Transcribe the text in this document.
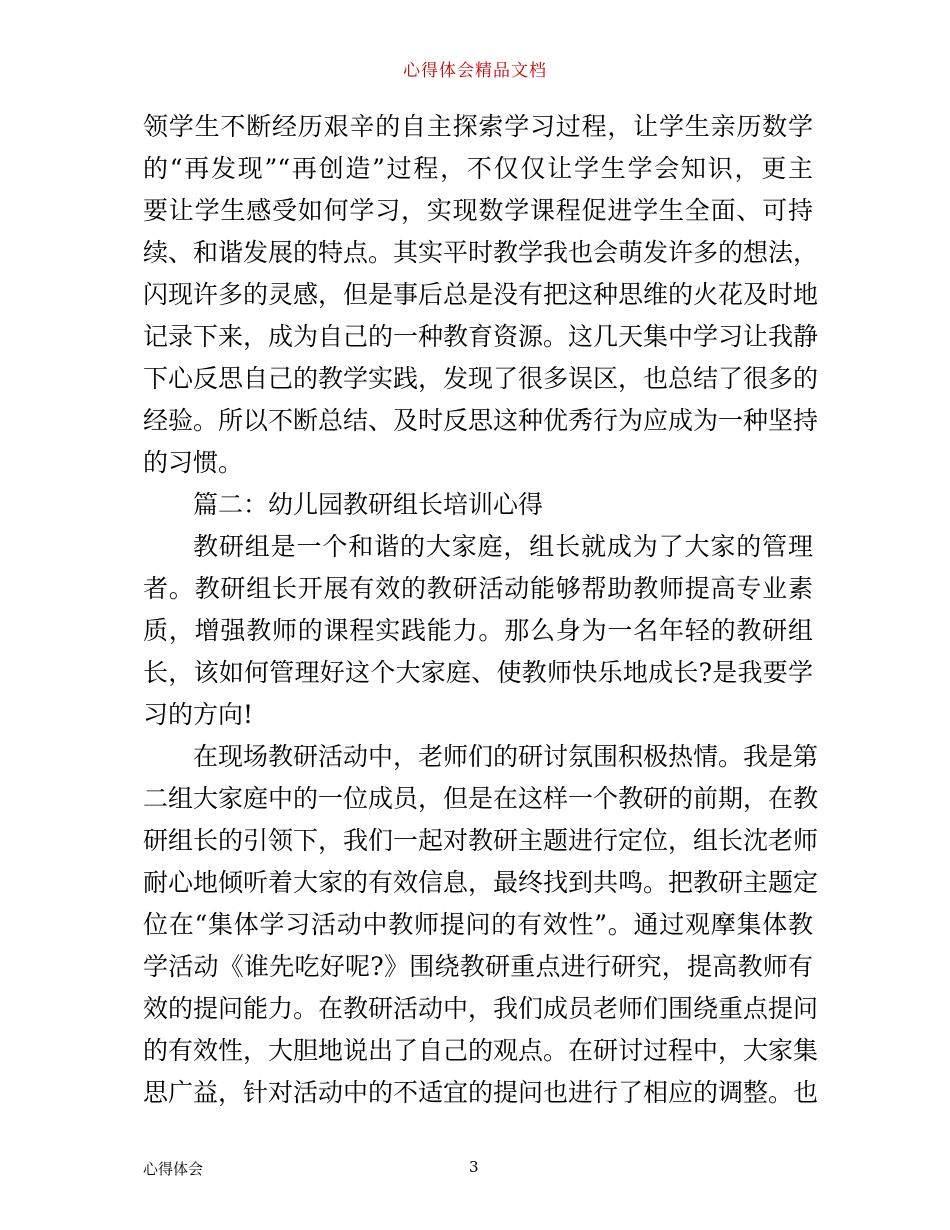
心得体会精品文档
领学生不断经历艰辛的自主探索学习过程，让学生亲历数学
的“再发现”“再创造”过程，不仅仅让学生学会知识，更主
要让学生感受如何学习，实现数学课程促进学生全面、可持
续、和谐发展的特点。其实平时教学我也会萌发许多的想法，
闪现许多的灵感，但是事后总是没有把这种思维的火花及时地
记录下来，成为自己的一种教育资源。这几天集中学习让我静
下心反思自己的教学实践，发现了很多误区，也总结了很多的
经验。所以不断总结、及时反思这种优秀行为应成为一种坚持
的习惯。
篇二：幼儿园教研组长培训心得
教研组是一个和谐的大家庭，组长就成为了大家的管理
者。教研组长开展有效的教研活动能够帮助教师提高专业素
质，增强教师的课程实践能力。那么身为一名年轻的教研组
长，该如何管理好这个大家庭、使教师快乐地成长?是我要学
习的方向!
在现场教研活动中，老师们的研讨氛围积极热情。我是第
二组大家庭中的一位成员，但是在这样一个教研的前期，在教
研组长的引领下，我们一起对教研主题进行定位，组长沈老师
耐心地倾听着大家的有效信息，最终找到共鸣。把教研主题定
位在“集体学习活动中教师提问的有效性”。通过观摩集体教
学活动《谁先吃好呢?》围绕教研重点进行研究，提高教师有
效的提问能力。在教研活动中，我们成员老师们围绕重点提问
的有效性，大胆地说出了自己的观点。在研讨过程中，大家集
思广益，针对活动中的不适宜的提问也进行了相应的调整。也
心得体会	3
